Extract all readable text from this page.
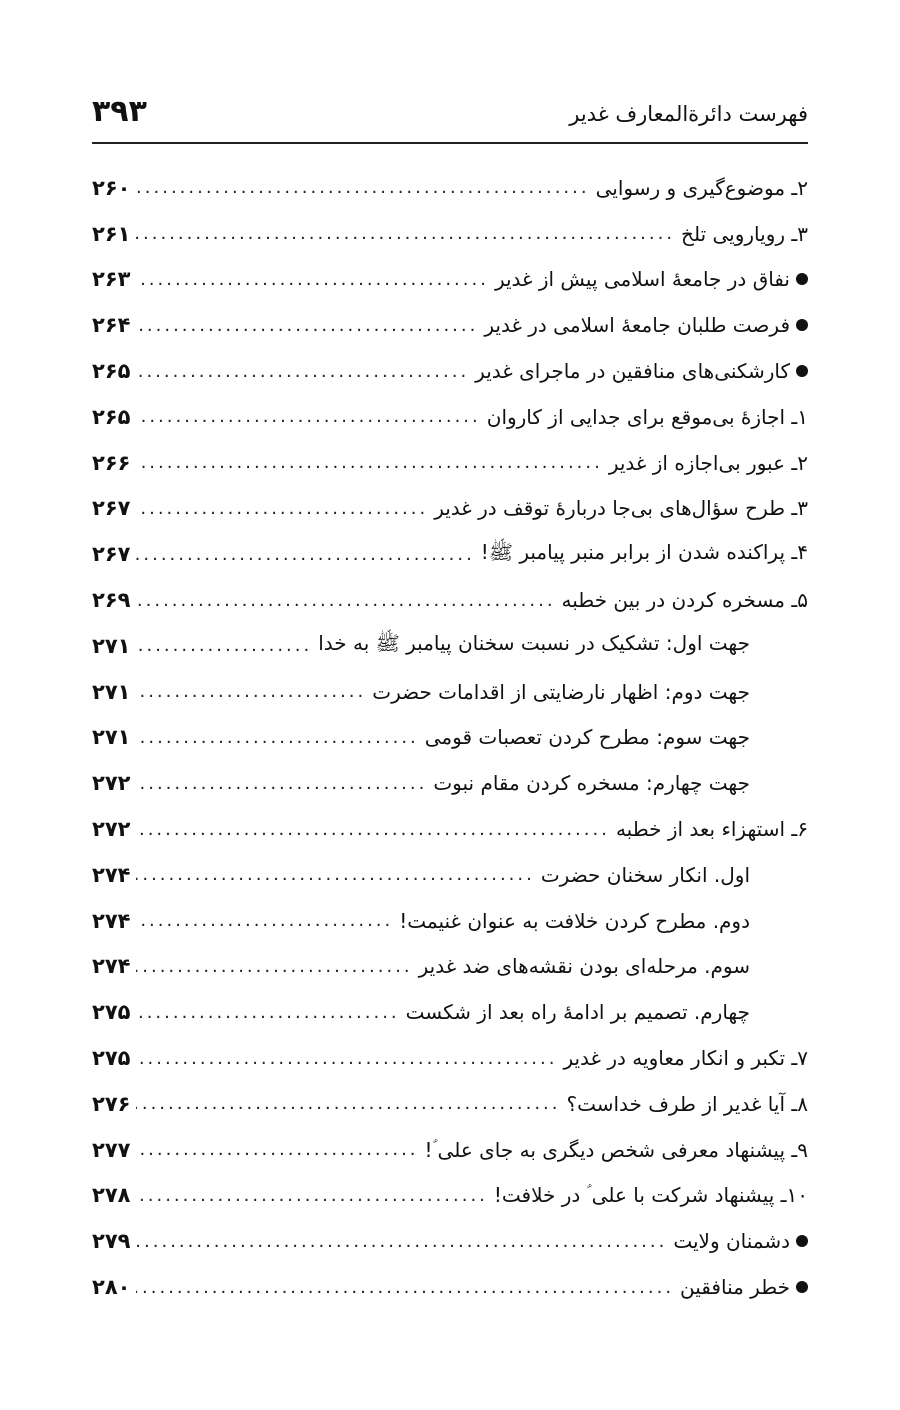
۳۹۳	فهرست دائرةالمعارف غدیر
۲ـ موضوع‌گیری و رسوایی
.....
۲۶۰
۳ـ رویارویی تلخ
.....
۲۶۱
نفاق در جامعهٔ اسلامی پیش از غدیر
.....
۲۶۳
فرصت طلبان جامعهٔ اسلامی در غدیر
.....
۲۶۴
کارشکنی‌های منافقین در ماجرای غدیر
.....
۲۶۵
۱ـ اجازهٔ بی‌موقع برای جدایی از کاروان
.....
۲۶۵
۲ـ عبور بی‌اجازه از غدیر
.....
۲۶۶
۳ـ طرح سؤال‌های بی‌جا دربارهٔ توقف در غدیر
.....
۲۶۷
۴ـ پراکنده شدن از برابر منبر پیامبر ﷺ!
.....
۲۶۷
۵ـ مسخره کردن در بین خطبه
.....
۲۶۹
جهت اول: تشکیک در نسبت سخنان پیامبر ﷺ به خدا
.....
۲۷۱
جهت دوم: اظهار نارضایتی از اقدامات حضرت
.....
۲۷۱
جهت سوم: مطرح کردن تعصبات قومی
.....
۲۷۱
جهت چهارم: مسخره کردن مقام نبوت
.....
۲۷۲
۶ـ استهزاء بعد از خطبه
.....
۲۷۲
اول. انکار سخنان حضرت
.....
۲۷۴
دوم. مطرح کردن خلافت به عنوان غنیمت!
.....
۲۷۴
سوم. مرحله‌ای بودن نقشه‌های ضد غدیر
.....
۲۷۴
چهارم. تصمیم بر ادامهٔ راه بعد از شکست
.....
۲۷۵
۷ـ تکبر و انکار معاویه در غدیر
.....
۲۷۵
۸ـ آیا غدیر از طرف خداست؟
.....
۲۷۶
۹ـ پیشنهاد معرفی شخص دیگری به جای علی ؑ!
.....
۲۷۷
۱۰ـ پیشنهاد شرکت با علی ؑ در خلافت!
.....
۲۷۸
دشمنان ولایت
.....
۲۷۹
خطر منافقین
.....
۲۸۰
